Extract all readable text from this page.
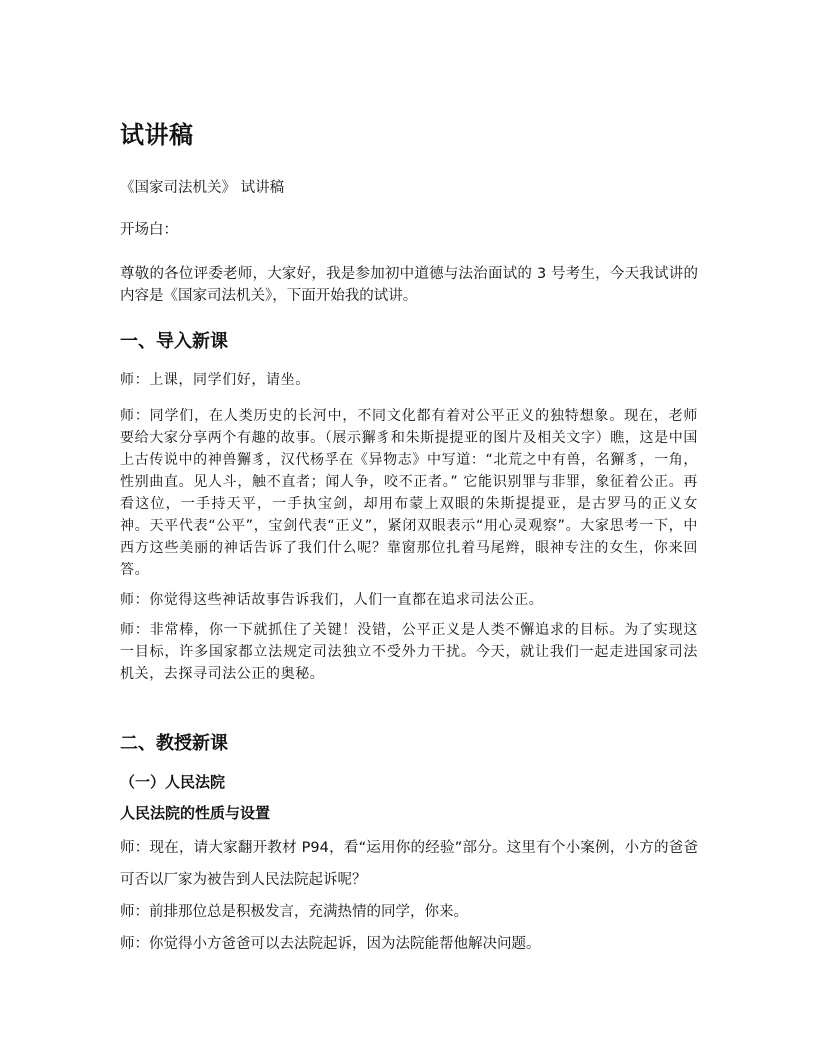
试讲稿

《国家司法机关》 试讲稿

开场白：

尊敬的各位评委老师，大家好，我是参加初中道德与法治面试的 3 号考生，今天我试讲的内容是《国家司法机关》，下面开始我的试讲。

一、导入新课

师：上课，同学们好，请坐。

师：同学们，在人类历史的长河中，不同文化都有着对公平正义的独特想象。现在，老师要给大家分享两个有趣的故事。（展示獬豸和朱斯提提亚的图片及相关文字）瞧，这是中国上古传说中的神兽獬豸，汉代杨孚在《异物志》中写道：“北荒之中有兽，名獬豸，一角，性别曲直。见人斗，触不直者；闻人争，咬不正者。” 它能识别罪与非罪，象征着公正。再看这位，一手持天平，一手执宝剑，却用布蒙上双眼的朱斯提提亚，是古罗马的正义女神。天平代表“公平”，宝剑代表“正义”，紧闭双眼表示“用心灵观察”。大家思考一下，中西方这些美丽的神话告诉了我们什么呢？靠窗那位扎着马尾辫，眼神专注的女生，你来回答。

师：你觉得这些神话故事告诉我们，人们一直都在追求司法公正。

师：非常棒，你一下就抓住了关键！没错，公平正义是人类不懈追求的目标。为了实现这一目标，许多国家都立法规定司法独立不受外力干扰。今天，就让我们一起走进国家司法机关，去探寻司法公正的奥秘。

二、教授新课
（一）人民法院
人民法院的性质与设置

师：现在，请大家翻开教材 P94，看“运用你的经验”部分。这里有个小案例，小方的爸爸可否以厂家为被告到人民法院起诉呢？

师：前排那位总是积极发言，充满热情的同学，你来。

师：你觉得小方爸爸可以去法院起诉，因为法院能帮他解决问题。
